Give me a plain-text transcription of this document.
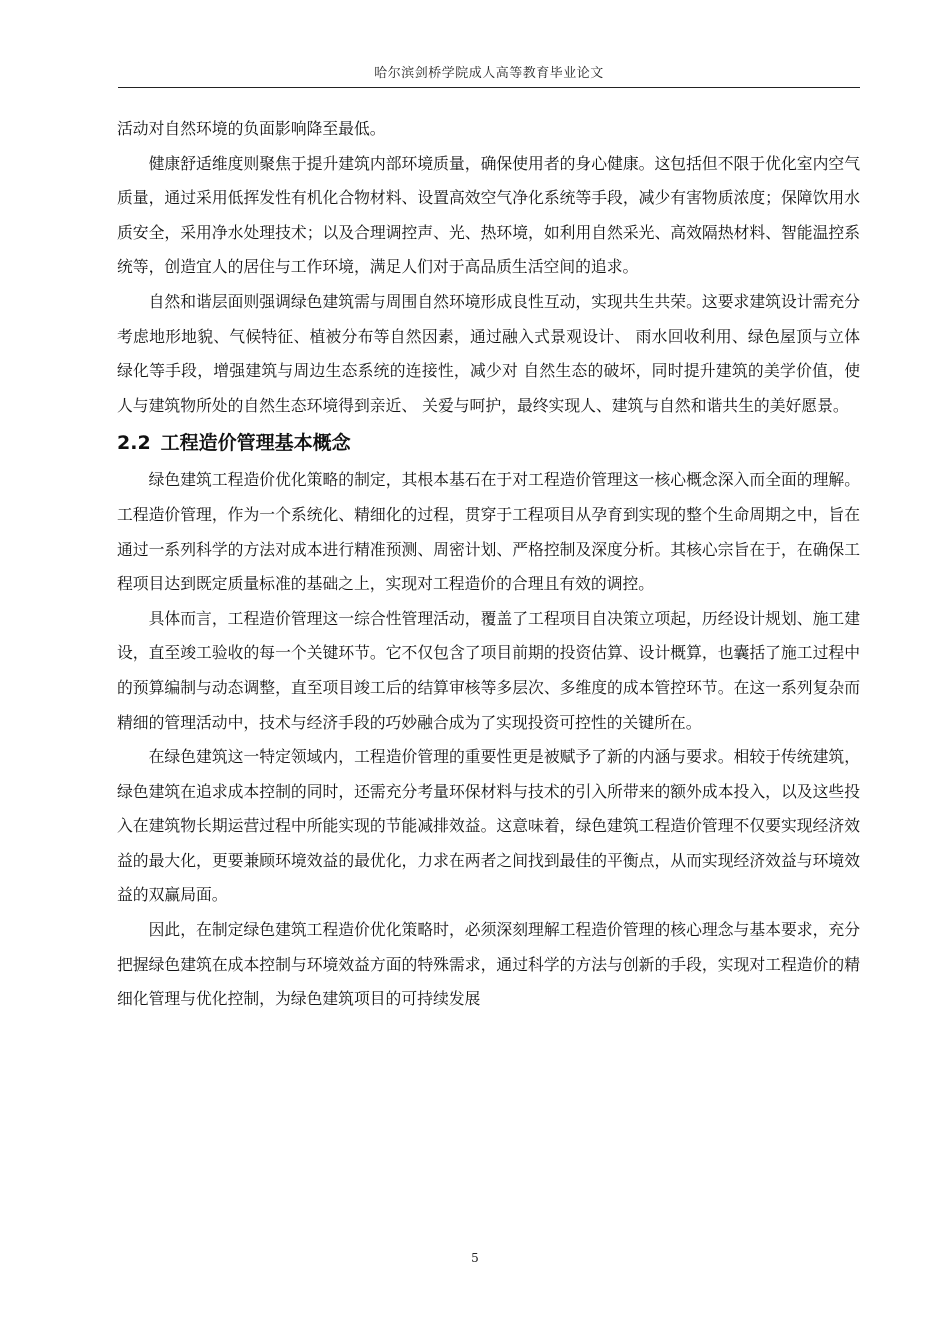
哈尔滨剑桥学院成人高等教育毕业论文

活动对自然环境的负面影响降至最低。

健康舒适维度则聚焦于提升建筑内部环境质量，确保使用者的身心健康。这包括但不限于优化室内空气质量，通过采用低挥发性有机化合物材料、设置高效空气净化系统等手段，减少有害物质浓度；保障饮用水质安全，采用净水处理技术；以及合理调控声、光、热环境，如利用自然采光、高效隔热材料、智能温控系统等，创造宜人的居住与工作环境，满足人们对于高品质生活空间的追求。

自然和谐层面则强调绿色建筑需与周围自然环境形成良性互动，实现共生共荣。这要求建筑设计需充分考虑地形地貌、气候特征、植被分布等自然因素，通过融入式景观设计、 雨水回收利用、绿色屋顶与立体绿化等手段，增强建筑与周边生态系统的连接性，减少对 自然生态的破坏，同时提升建筑的美学价值，使人与建筑物所处的自然生态环境得到亲近、 关爱与呵护，最终实现人、建筑与自然和谐共生的美好愿景。

2.2 工程造价管理基本概念

绿色建筑工程造价优化策略的制定，其根本基石在于对工程造价管理这一核心概念深入而全面的理解。工程造价管理，作为一个系统化、精细化的过程，贯穿于工程项目从孕育到实现的整个生命周期之中，旨在通过一系列科学的方法对成本进行精准预测、周密计划、严格控制及深度分析。其核心宗旨在于，在确保工程项目达到既定质量标准的基础之上，实现对工程造价的合理且有效的调控。

具体而言，工程造价管理这一综合性管理活动，覆盖了工程项目自决策立项起，历经设计规划、施工建设，直至竣工验收的每一个关键环节。它不仅包含了项目前期的投资估算、设计概算，也囊括了施工过程中的预算编制与动态调整，直至项目竣工后的结算审核等多层次、多维度的成本管控环节。在这一系列复杂而精细的管理活动中，技术与经济手段的巧妙融合成为了实现投资可控性的关键所在。

在绿色建筑这一特定领域内，工程造价管理的重要性更是被赋予了新的内涵与要求。相较于传统建筑，绿色建筑在追求成本控制的同时，还需充分考量环保材料与技术的引入所带来的额外成本投入，以及这些投入在建筑物长期运营过程中所能实现的节能减排效益。这意味着，绿色建筑工程造价管理不仅要实现经济效益的最大化，更要兼顾环境效益的最优化，力求在两者之间找到最佳的平衡点，从而实现经济效益与环境效益的双赢局面。

因此，在制定绿色建筑工程造价优化策略时，必须深刻理解工程造价管理的核心理念与基本要求，充分把握绿色建筑在成本控制与环境效益方面的特殊需求，通过科学的方法与创新的手段，实现对工程造价的精细化管理与优化控制，为绿色建筑项目的可持续发展

5
